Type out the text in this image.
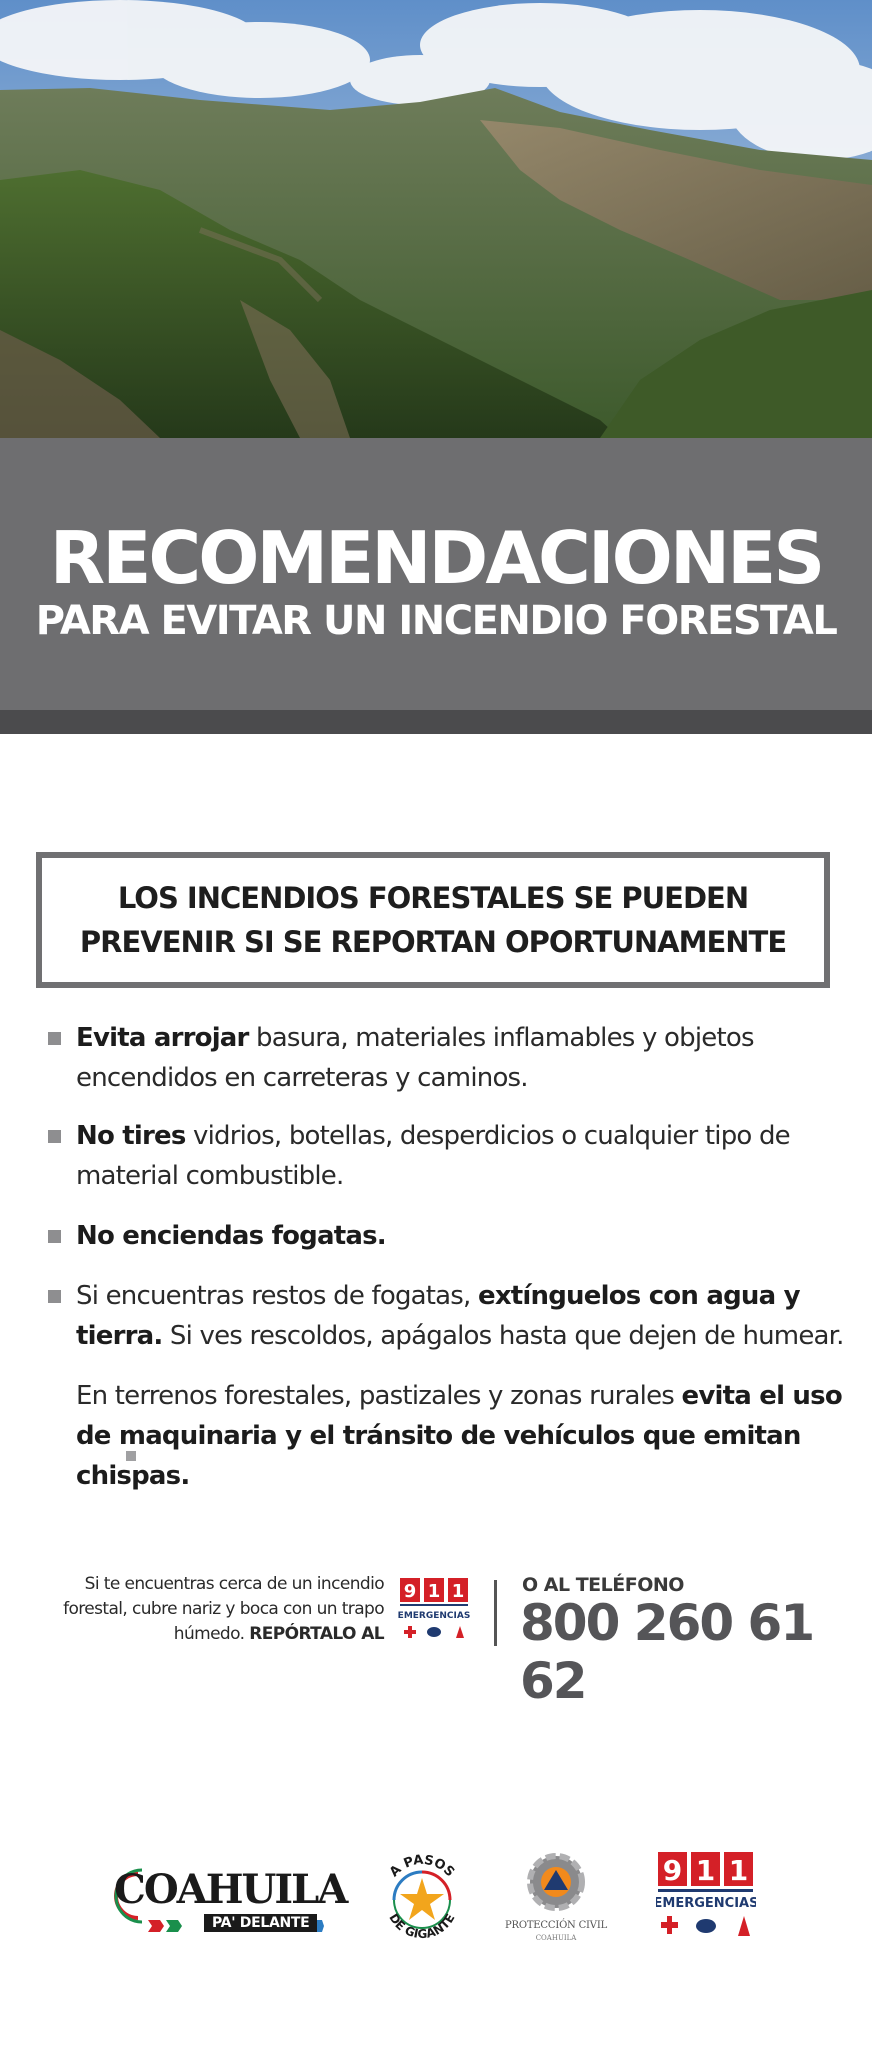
RECOMENDACIONES
PARA EVITAR UN INCENDIO FORESTAL
LOS INCENDIOS FORESTALES SE PUEDEN
PREVENIR SI SE REPORTAN OPORTUNAMENTE
Evita arrojar basura, materiales inflamables y objetos encendidos en carreteras y caminos.
No tires vidrios, botellas, desperdicios o cualquier tipo de material combustible.
No enciendas fogatas.
Si encuentras restos de fogatas, extínguelos con agua y tierra. Si ves rescoldos, apágalos hasta que dejen de humear.
En terrenos forestales, pastizales y zonas rurales evita el uso de maquinaria y el tránsito de vehículos que emitan chispas.
Si te encuentras cerca de un incendio
forestal, cubre nariz y boca con un trapo
húmedo. REPÓRTALO AL
9 1 1
EMERGENCIAS
O AL TELÉFONO
800 260 61 62
COAHUILA
PA' DELANTE
A PASOS
DE GIGANTE	PROTECCIÓN CIVIL
COAHUILA
9 1 1
EMERGENCIAS
